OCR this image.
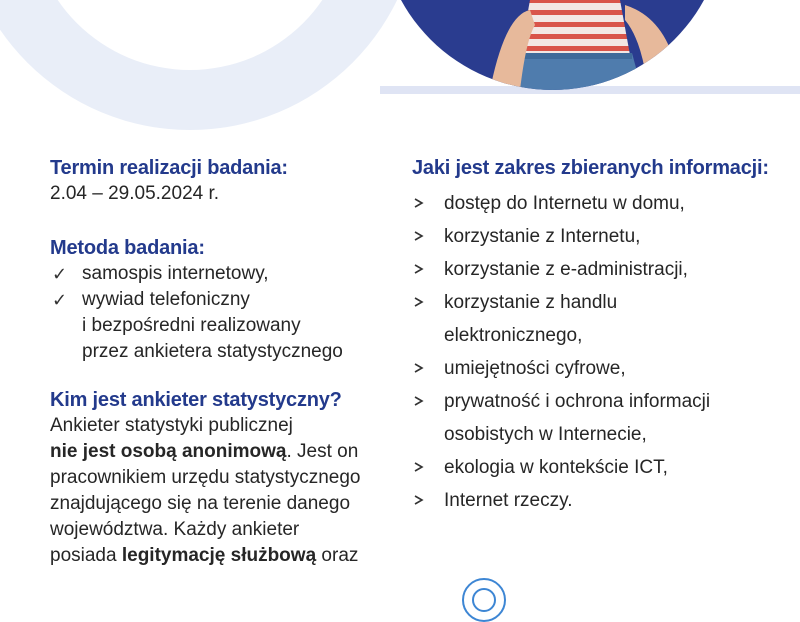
Termin realizacji badania:

2.04 – 29.05.2024 r.

Metoda badania:
✓ samospis internetowy,
✓ wywiad telefoniczny
i bezpośredni realizowany
przez ankietera statystycznego
Kim jest ankieter statystyczny?

Ankieter statystyki publicznej
nie jest osobą anonimową. Jest on
pracownikiem urzędu statystycznego
znajdującego się na terenie danego
województwa. Każdy ankieter
posiada legitymację służbową oraz

Jaki jest zakres zbieranych informacji:
dostęp do Internetu w domu,
korzystanie z Internetu,
korzystanie z e-administracji,
korzystanie z handlu
elektronicznego,
umiejętności cyfrowe,
prywatność i ochrona informacji
osobistych w Internecie,
ekologia w kontekście ICT,
Internet rzeczy.
